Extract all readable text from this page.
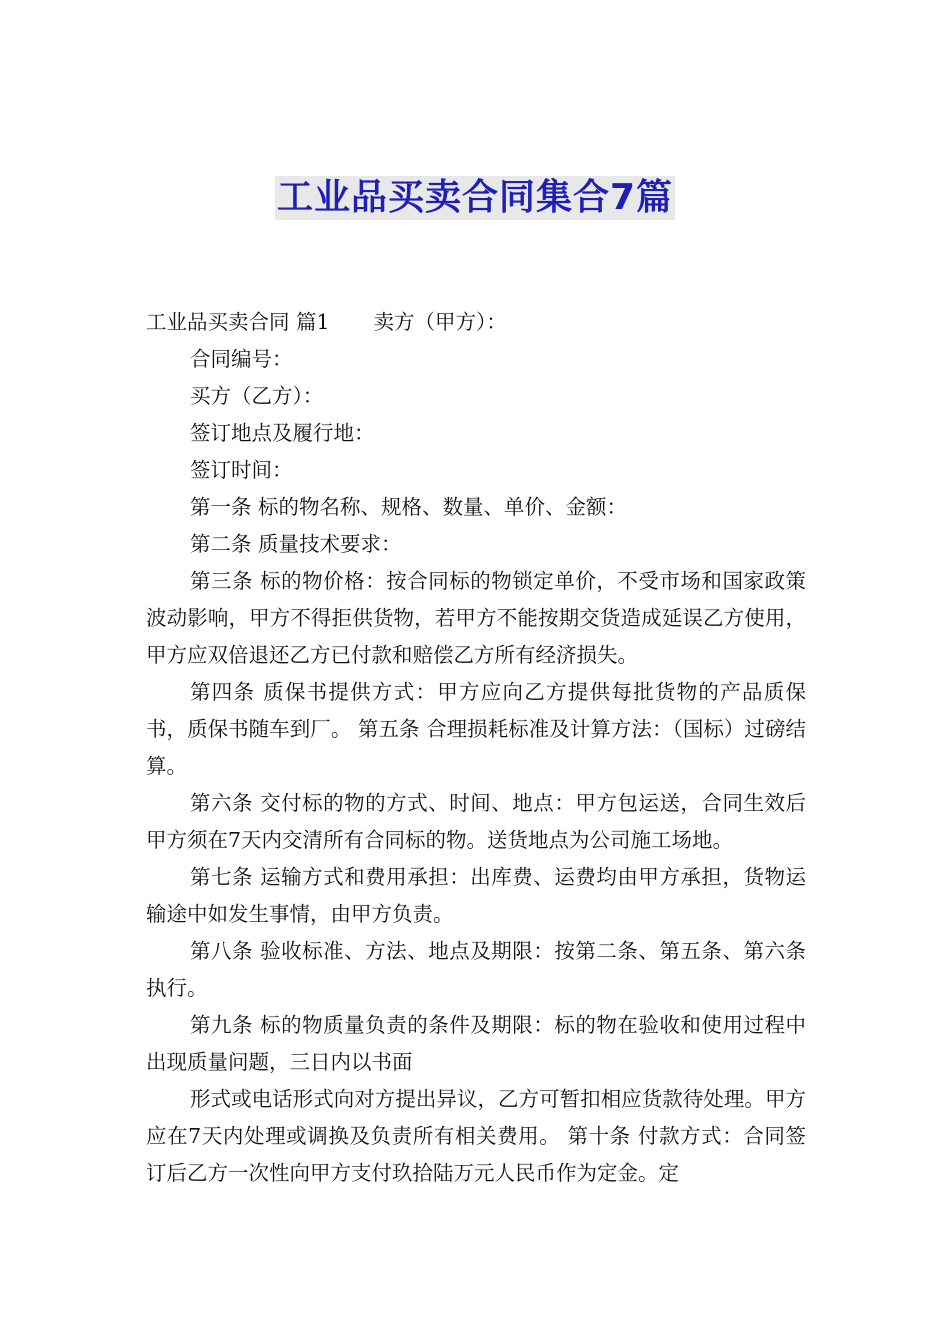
工业品买卖合同集合7篇

工业品买卖合同 篇1 卖方（甲方）：

合同编号：

买方（乙方）：

签订地点及履行地：

签订时间：

第一条 标的物名称、规格、数量、单价、金额：

第二条 质量技术要求：

第三条 标的物价格：按合同标的物锁定单价，不受市场和国家政策波动影响，甲方不得拒供货物，若甲方不能按期交货造成延误乙方使用，甲方应双倍退还乙方已付款和赔偿乙方所有经济损失。

第四条 质保书提供方式：甲方应向乙方提供每批货物的产品质保书，质保书随车到厂。 第五条 合理损耗标准及计算方法：（国标）过磅结算。

第六条 交付标的物的方式、时间、地点：甲方包运送，合同生效后甲方须在7天内交清所有合同标的物。送货地点为公司施工场地。

第七条 运输方式和费用承担：出库费、运费均由甲方承担，货物运输途中如发生事情，由甲方负责。

第八条 验收标准、方法、地点及期限：按第二条、第五条、第六条执行。

第九条 标的物质量负责的条件及期限：标的物在验收和使用过程中出现质量问题，三日内以书面

形式或电话形式向对方提出异议，乙方可暂扣相应货款待处理。甲方应在7天内处理或调换及负责所有相关费用。 第十条 付款方式：合同签订后乙方一次性向甲方支付玖拾陆万元人民币作为定金。定
